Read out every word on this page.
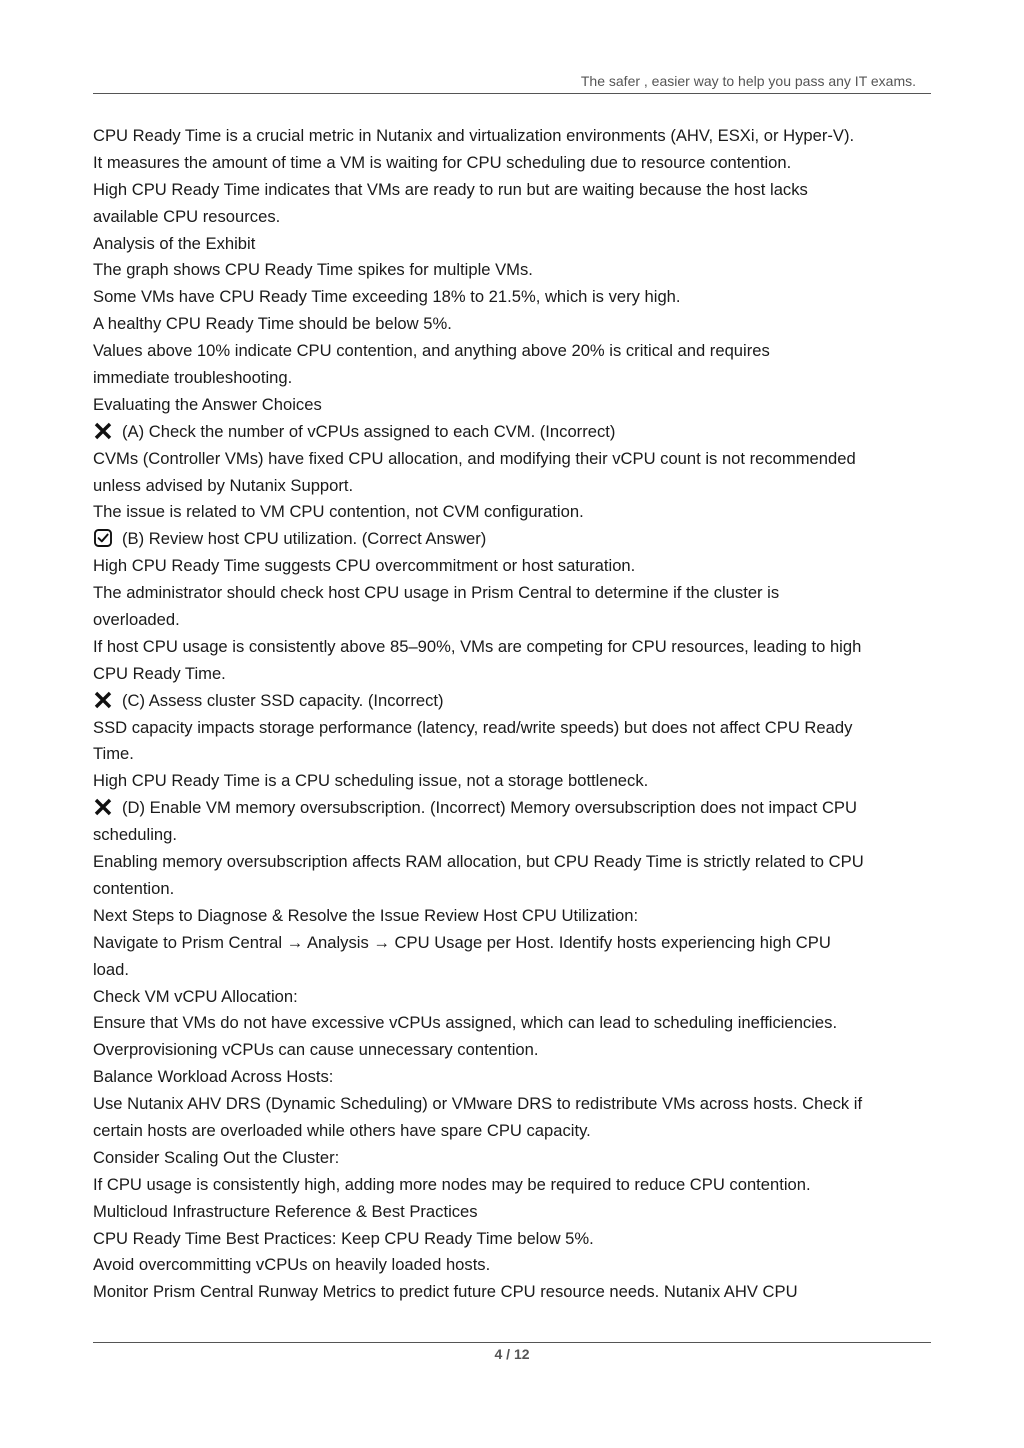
The safer , easier way to help you pass any IT exams.
CPU Ready Time is a crucial metric in Nutanix and virtualization environments (AHV, ESXi, or Hyper-V).
It measures the amount of time a VM is waiting for CPU scheduling due to resource contention.
High CPU Ready Time indicates that VMs are ready to run but are waiting because the host lacks
available CPU resources.
Analysis of the Exhibit
The graph shows CPU Ready Time spikes for multiple VMs.
Some VMs have CPU Ready Time exceeding 18% to 21.5%, which is very high.
A healthy CPU Ready Time should be below 5%.
Values above 10% indicate CPU contention, and anything above 20% is critical and requires
immediate troubleshooting.
Evaluating the Answer Choices
(A) Check the number of vCPUs assigned to each CVM. (Incorrect)
CVMs (Controller VMs) have fixed CPU allocation, and modifying their vCPU count is not recommended
unless advised by Nutanix Support.
The issue is related to VM CPU contention, not CVM configuration.
(B) Review host CPU utilization. (Correct Answer)
High CPU Ready Time suggests CPU overcommitment or host saturation.
The administrator should check host CPU usage in Prism Central to determine if the cluster is
overloaded.
If host CPU usage is consistently above 85–90%, VMs are competing for CPU resources, leading to high
CPU Ready Time.
(C) Assess cluster SSD capacity. (Incorrect)
SSD capacity impacts storage performance (latency, read/write speeds) but does not affect CPU Ready
Time.
High CPU Ready Time is a CPU scheduling issue, not a storage bottleneck.
(D) Enable VM memory oversubscription. (Incorrect) Memory oversubscription does not impact CPU
scheduling.
Enabling memory oversubscription affects RAM allocation, but CPU Ready Time is strictly related to CPU
contention.
Next Steps to Diagnose & Resolve the Issue Review Host CPU Utilization:
Navigate to Prism Central → Analysis → CPU Usage per Host. Identify hosts experiencing high CPU
load.
Check VM vCPU Allocation:
Ensure that VMs do not have excessive vCPUs assigned, which can lead to scheduling inefficiencies.
Overprovisioning vCPUs can cause unnecessary contention.
Balance Workload Across Hosts:
Use Nutanix AHV DRS (Dynamic Scheduling) or VMware DRS to redistribute VMs across hosts. Check if
certain hosts are overloaded while others have spare CPU capacity.
Consider Scaling Out the Cluster:
If CPU usage is consistently high, adding more nodes may be required to reduce CPU contention.
Multicloud Infrastructure Reference & Best Practices
CPU Ready Time Best Practices: Keep CPU Ready Time below 5%.
Avoid overcommitting vCPUs on heavily loaded hosts.
Monitor Prism Central Runway Metrics to predict future CPU resource needs. Nutanix AHV CPU
4 / 12
